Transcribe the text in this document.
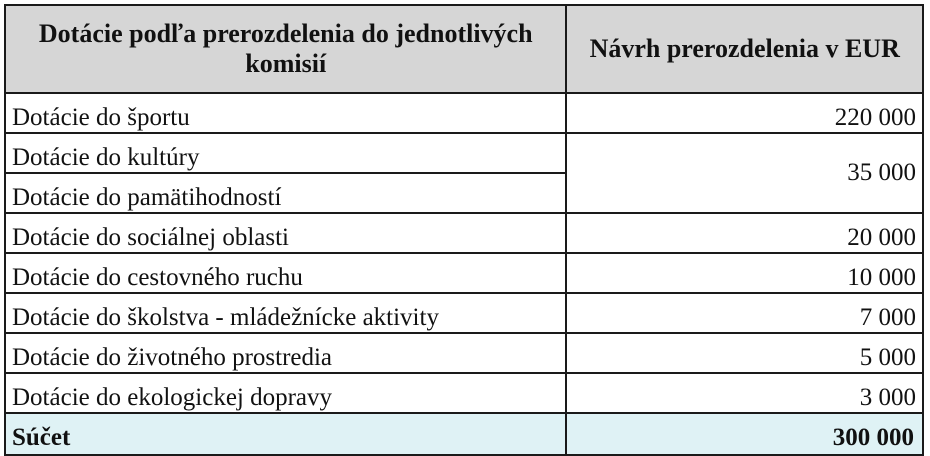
Dotácie podľa prerozdelenia do jednotlivých komisií	Návrh prerozdelenia v EUR
Dotácie do športu	220 000
Dotácie do kultúry	35 000
Dotácie do pamätihodností	
Dotácie do sociálnej oblasti	20 000
Dotácie do cestovného ruchu	10 000
Dotácie do školstva - mládežnícke aktivity	7 000
Dotácie do životného prostredia	5 000
Dotácie do ekologickej dopravy	3 000
Súčet	300 000
